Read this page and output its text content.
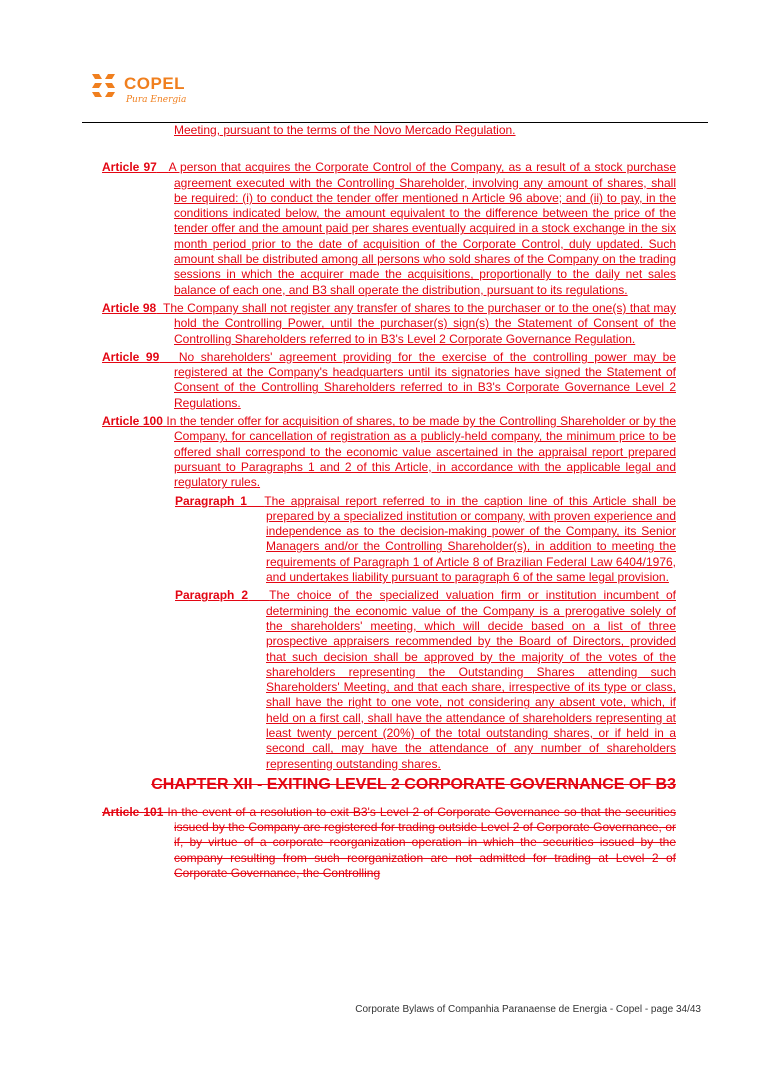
COPEL
Pura Energia

Meeting, pursuant to the terms of the Novo Mercado Regulation.

Article 97 A person that acquires the Corporate Control of the Company, as a result of a stock purchase agreement executed with the Controlling Shareholder, involving any amount of shares, shall be required: (i) to conduct the tender offer mentioned n Article 96 above; and (ii) to pay, in the conditions indicated below, the amount equivalent to the difference between the price of the tender offer and the amount paid per shares eventually acquired in a stock exchange in the six month period prior to the date of acquisition of the Corporate Control, duly updated. Such amount shall be distributed among all persons who sold shares of the Company on the trading sessions in which the acquirer made the acquisitions, proportionally to the daily net sales balance of each one, and B3 shall operate the distribution, pursuant to its regulations.

Article 98 The Company shall not register any transfer of shares to the purchaser or to the one(s) that may hold the Controlling Power, until the purchaser(s) sign(s) the Statement of Consent of the Controlling Shareholders referred to in B3's Level 2 Corporate Governance Regulation.

Article 99 No shareholders' agreement providing for the exercise of the controlling power may be registered at the Company's headquarters until its signatories have signed the Statement of Consent of the Controlling Shareholders referred to in B3's Corporate Governance Level 2 Regulations.

Article 100 In the tender offer for acquisition of shares, to be made by the Controlling Shareholder or by the Company, for cancellation of registration as a publicly-held company, the minimum price to be offered shall correspond to the economic value ascertained in the appraisal report prepared pursuant to Paragraphs 1 and 2 of this Article, in accordance with the applicable legal and regulatory rules.

Paragraph 1 The appraisal report referred to in the caption line of this Article shall be prepared by a specialized institution or company, with proven experience and independence as to the decision-making power of the Company, its Senior Managers and/or the Controlling Shareholder(s), in addition to meeting the requirements of Paragraph 1 of Article 8 of Brazilian Federal Law 6404/1976, and undertakes liability pursuant to paragraph 6 of the same legal provision.

Paragraph 2 The choice of the specialized valuation firm or institution incumbent of determining the economic value of the Company is a prerogative solely of the shareholders' meeting, which will decide based on a list of three prospective appraisers recommended by the Board of Directors, provided that such decision shall be approved by the majority of the votes of the shareholders representing the Outstanding Shares attending such Shareholders' Meeting, and that each share, irrespective of its type or class, shall have the right to one vote, not considering any absent vote, which, if held on a first call, shall have the attendance of shareholders representing at least twenty percent (20%) of the total outstanding shares, or if held in a second call, may have the attendance of any number of shareholders representing outstanding shares.

CHAPTER XII - EXITING LEVEL 2 CORPORATE GOVERNANCE OF B3

Article 101 In the event of a resolution to exit B3's Level 2 of Corporate Governance so that the securities issued by the Company are registered for trading outside Level 2 of Corporate Governance, or if, by virtue of a corporate reorganization operation in which the securities issued by the company resulting from such reorganization are not admitted for trading at Level 2 of Corporate Governance, the Controlling

Corporate Bylaws of Companhia Paranaense de Energia - Copel - page 34/43
